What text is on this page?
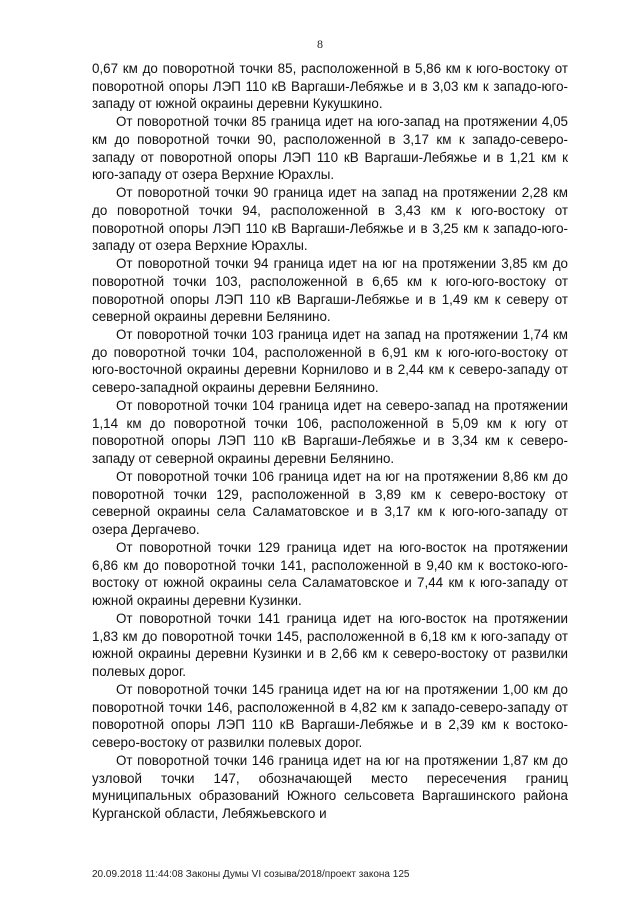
8

0,67 км до поворотной точки 85, расположенной в 5,86 км к юго-востоку от поворотной опоры ЛЭП 110 кВ Варгаши-Лебяжье и в 3,03 км к западо-юго-западу от южной окраины деревни Кукушкино.

От поворотной точки 85 граница идет на юго-запад на протяжении 4,05 км до поворотной точки 90, расположенной в 3,17 км к западо-северо-западу от поворотной опоры ЛЭП 110 кВ Варгаши-Лебяжье и в 1,21 км к юго-западу от озера Верхние Юрахлы.

От поворотной точки 90 граница идет на запад на протяжении 2,28 км до поворотной точки 94, расположенной в 3,43 км к юго-востоку от поворотной опоры ЛЭП 110 кВ Варгаши-Лебяжье и в 3,25 км к западо-юго-западу от озера Верхние Юрахлы.

От поворотной точки 94 граница идет на юг на протяжении 3,85 км до поворотной точки 103, расположенной в 6,65 км к юго-юго-востоку от поворотной опоры ЛЭП 110 кВ Варгаши-Лебяжье и в 1,49 км к северу от северной окраины деревни Белянино.

От поворотной точки 103 граница идет на запад на протяжении 1,74 км до поворотной точки 104, расположенной в 6,91 км к юго-юго-востоку от юго-восточной окраины деревни Корнилово и в 2,44 км к северо-западу от северо-западной окраины деревни Белянино.

От поворотной точки 104 граница идет на северо-запад на протяжении 1,14 км до поворотной точки 106, расположенной в 5,09 км к югу от поворотной опоры ЛЭП 110 кВ Варгаши-Лебяжье и в 3,34 км к северо-западу от северной окраины деревни Белянино.

От поворотной точки 106 граница идет на юг на протяжении 8,86 км до поворотной точки 129, расположенной в 3,89 км к северо-востоку от северной окраины села Саламатовское и в 3,17 км к юго-юго-западу от озера Дергачево.

От поворотной точки 129 граница идет на юго-восток на протяжении 6,86 км до поворотной точки 141, расположенной в 9,40 км к востоко-юго-востоку от южной окраины села Саламатовское и 7,44 км к юго-западу от южной окраины деревни Кузинки.

От поворотной точки 141 граница идет на юго-восток на протяжении 1,83 км до поворотной точки 145, расположенной в 6,18 км к юго-западу от южной окраины деревни Кузинки и в 2,66 км к северо-востоку от развилки полевых дорог.

От поворотной точки 145 граница идет на юг на протяжении 1,00 км до поворотной точки 146, расположенной в 4,82 км к западо-северо-западу от поворотной опоры ЛЭП 110 кВ Варгаши-Лебяжье и в 2,39 км к востоко-северо-востоку от развилки полевых дорог.

От поворотной точки 146 граница идет на юг на протяжении 1,87 км до узловой точки 147, обозначающей место пересечения границ муниципальных образований Южного сельсовета Варгашинского района Курганской области, Лебяжьевского и

20.09.2018 11:44:08 Законы Думы VI созыва/2018/проект закона 125
